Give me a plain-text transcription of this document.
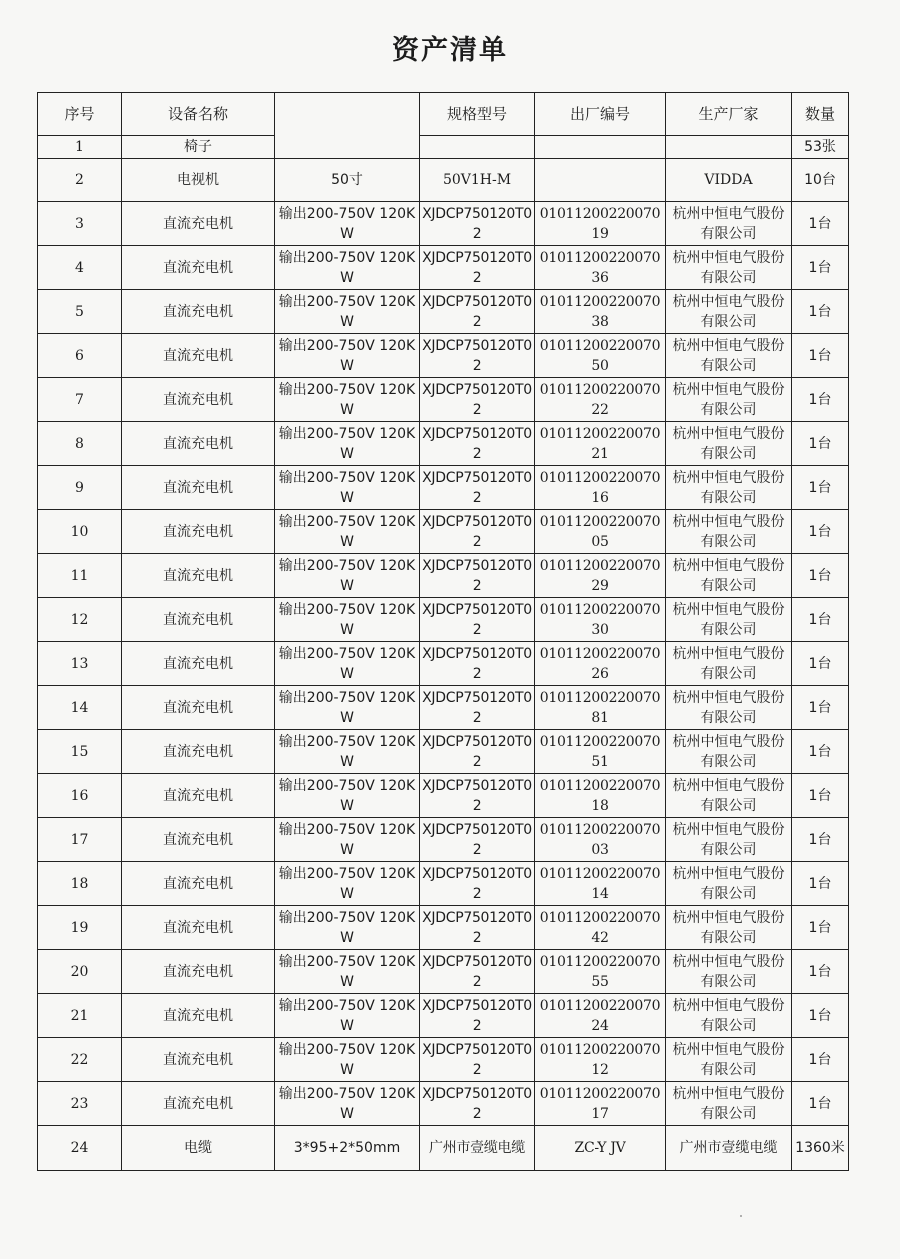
资产清单
序号	设备名称		规格型号	出厂编号	生产厂家	数量
1	椅子					53张
2	电视机	50寸	50V1H-M		VIDDA	10台
3	直流充电机	输出200-750V 120KW	XJDCP750120T02	0101120022007019	杭州中恒电气股份有限公司	1台
4	直流充电机	输出200-750V 120KW	XJDCP750120T02	0101120022007036	杭州中恒电气股份有限公司	1台
5	直流充电机	输出200-750V 120KW	XJDCP750120T02	0101120022007038	杭州中恒电气股份有限公司	1台
6	直流充电机	输出200-750V 120KW	XJDCP750120T02	0101120022007050	杭州中恒电气股份有限公司	1台
7	直流充电机	输出200-750V 120KW	XJDCP750120T02	0101120022007022	杭州中恒电气股份有限公司	1台
8	直流充电机	输出200-750V 120KW	XJDCP750120T02	0101120022007021	杭州中恒电气股份有限公司	1台
9	直流充电机	输出200-750V 120KW	XJDCP750120T02	0101120022007016	杭州中恒电气股份有限公司	1台
10	直流充电机	输出200-750V 120KW	XJDCP750120T02	0101120022007005	杭州中恒电气股份有限公司	1台
11	直流充电机	输出200-750V 120KW	XJDCP750120T02	0101120022007029	杭州中恒电气股份有限公司	1台
12	直流充电机	输出200-750V 120KW	XJDCP750120T02	0101120022007030	杭州中恒电气股份有限公司	1台
13	直流充电机	输出200-750V 120KW	XJDCP750120T02	0101120022007026	杭州中恒电气股份有限公司	1台
14	直流充电机	输出200-750V 120KW	XJDCP750120T02	0101120022007081	杭州中恒电气股份有限公司	1台
15	直流充电机	输出200-750V 120KW	XJDCP750120T02	0101120022007051	杭州中恒电气股份有限公司	1台
16	直流充电机	输出200-750V 120KW	XJDCP750120T02	0101120022007018	杭州中恒电气股份有限公司	1台
17	直流充电机	输出200-750V 120KW	XJDCP750120T02	0101120022007003	杭州中恒电气股份有限公司	1台
18	直流充电机	输出200-750V 120KW	XJDCP750120T02	0101120022007014	杭州中恒电气股份有限公司	1台
19	直流充电机	输出200-750V 120KW	XJDCP750120T02	0101120022007042	杭州中恒电气股份有限公司	1台
20	直流充电机	输出200-750V 120KW	XJDCP750120T02	0101120022007055	杭州中恒电气股份有限公司	1台
21	直流充电机	输出200-750V 120KW	XJDCP750120T02	0101120022007024	杭州中恒电气股份有限公司	1台
22	直流充电机	输出200-750V 120KW	XJDCP750120T02	0101120022007012	杭州中恒电气股份有限公司	1台
23	直流充电机	输出200-750V 120KW	XJDCP750120T02	0101120022007017	杭州中恒电气股份有限公司	1台
24	电缆	3*95+2*50mm	广州市壹缆电缆	ZC-Y JV	广州市壹缆电缆	1360米
